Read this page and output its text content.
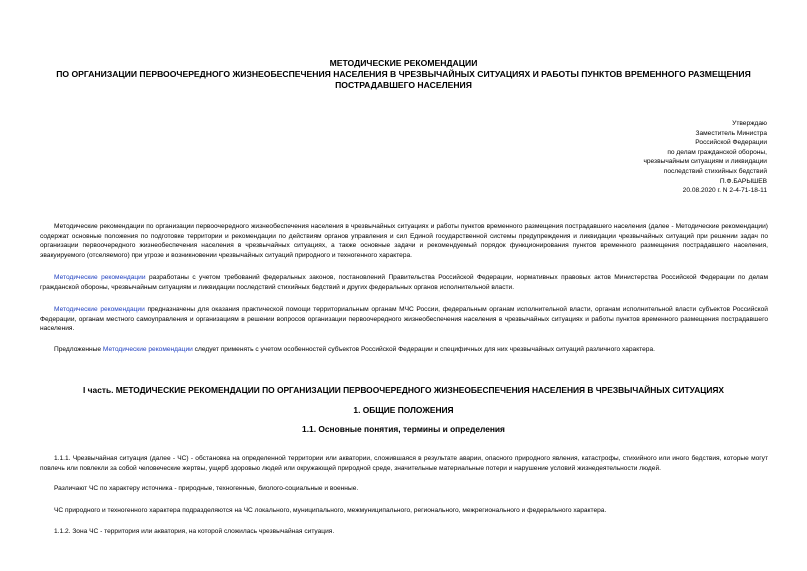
МЕТОДИЧЕСКИЕ РЕКОМЕНДАЦИИ
ПО ОРГАНИЗАЦИИ ПЕРВООЧЕРЕДНОГО ЖИЗНЕОБЕСПЕЧЕНИЯ НАСЕЛЕНИЯ В ЧРЕЗВЫЧАЙНЫХ СИТУАЦИЯХ И РАБОТЫ ПУНКТОВ ВРЕМЕННОГО РАЗМЕЩЕНИЯ
ПОСТРАДАВШЕГО НАСЕЛЕНИЯ
Утверждаю
Заместитель Министра
Российской Федерации
по делам гражданской обороны,
чрезвычайным ситуациям и ликвидации
последствий стихийных бедствий
П.Ф.БАРЫШЕВ
20.08.2020 г. N 2-4-71-18-11
Методические рекомендации по организации первоочередного жизнеобеспечения населения в чрезвычайных ситуациях и работы пунктов временного размещения пострадавшего населения (далее - Методические рекомендации) содержат основные положения по подготовке территории и рекомендации по действиям органов управления и сил Единой государственной системы предупреждения и ликвидации чрезвычайных ситуаций при решении задач по организации первоочередного жизнеобеспечения населения в чрезвычайных ситуациях, а также основные задачи и рекомендуемый порядок функционирования пунктов временного размещения пострадавшего населения, эвакуируемого (отселяемого) при угрозе и возникновении чрезвычайных ситуаций природного и техногенного характера.
Методические рекомендации разработаны с учетом требований федеральных законов, постановлений Правительства Российской Федерации, нормативных правовых актов Министерства Российской Федерации по делам гражданской обороны, чрезвычайным ситуациям и ликвидации последствий стихийных бедствий и других федеральных органов исполнительной власти.
Методические рекомендации предназначены для оказания практической помощи территориальным органам МЧС России, федеральным органам исполнительной власти, органам исполнительной власти субъектов Российской Федерации, органам местного самоуправления и организациям в решении вопросов организации первоочередного жизнеобеспечения населения в чрезвычайных ситуациях и работы пунктов временного размещения пострадавшего населения.
Предложенные Методические рекомендации следует применять с учетом особенностей субъектов Российской Федерации и специфичных для них чрезвычайных ситуаций различного характера.
I часть. МЕТОДИЧЕСКИЕ РЕКОМЕНДАЦИИ ПО ОРГАНИЗАЦИИ ПЕРВООЧЕРЕДНОГО ЖИЗНЕОБЕСПЕЧЕНИЯ НАСЕЛЕНИЯ В ЧРЕЗВЫЧАЙНЫХ СИТУАЦИЯХ
1. ОБЩИЕ ПОЛОЖЕНИЯ
1.1. Основные понятия, термины и определения
1.1.1. Чрезвычайная ситуация (далее - ЧС) - обстановка на определенной территории или акватории, сложившаяся в результате аварии, опасного природного явления, катастрофы, стихийного или иного бедствия, которые могут повлечь или повлекли за собой человеческие жертвы, ущерб здоровью людей или окружающей природной среде, значительные материальные потери и нарушение условий жизнедеятельности людей.
Различают ЧС по характеру источника - природные, техногенные, биолого-социальные и военные.
ЧС природного и техногенного характера подразделяются на ЧС локального, муниципального, межмуниципального, регионального, межрегионального и федерального характера.
1.1.2. Зона ЧС - территория или акватория, на которой сложилась чрезвычайная ситуация.
